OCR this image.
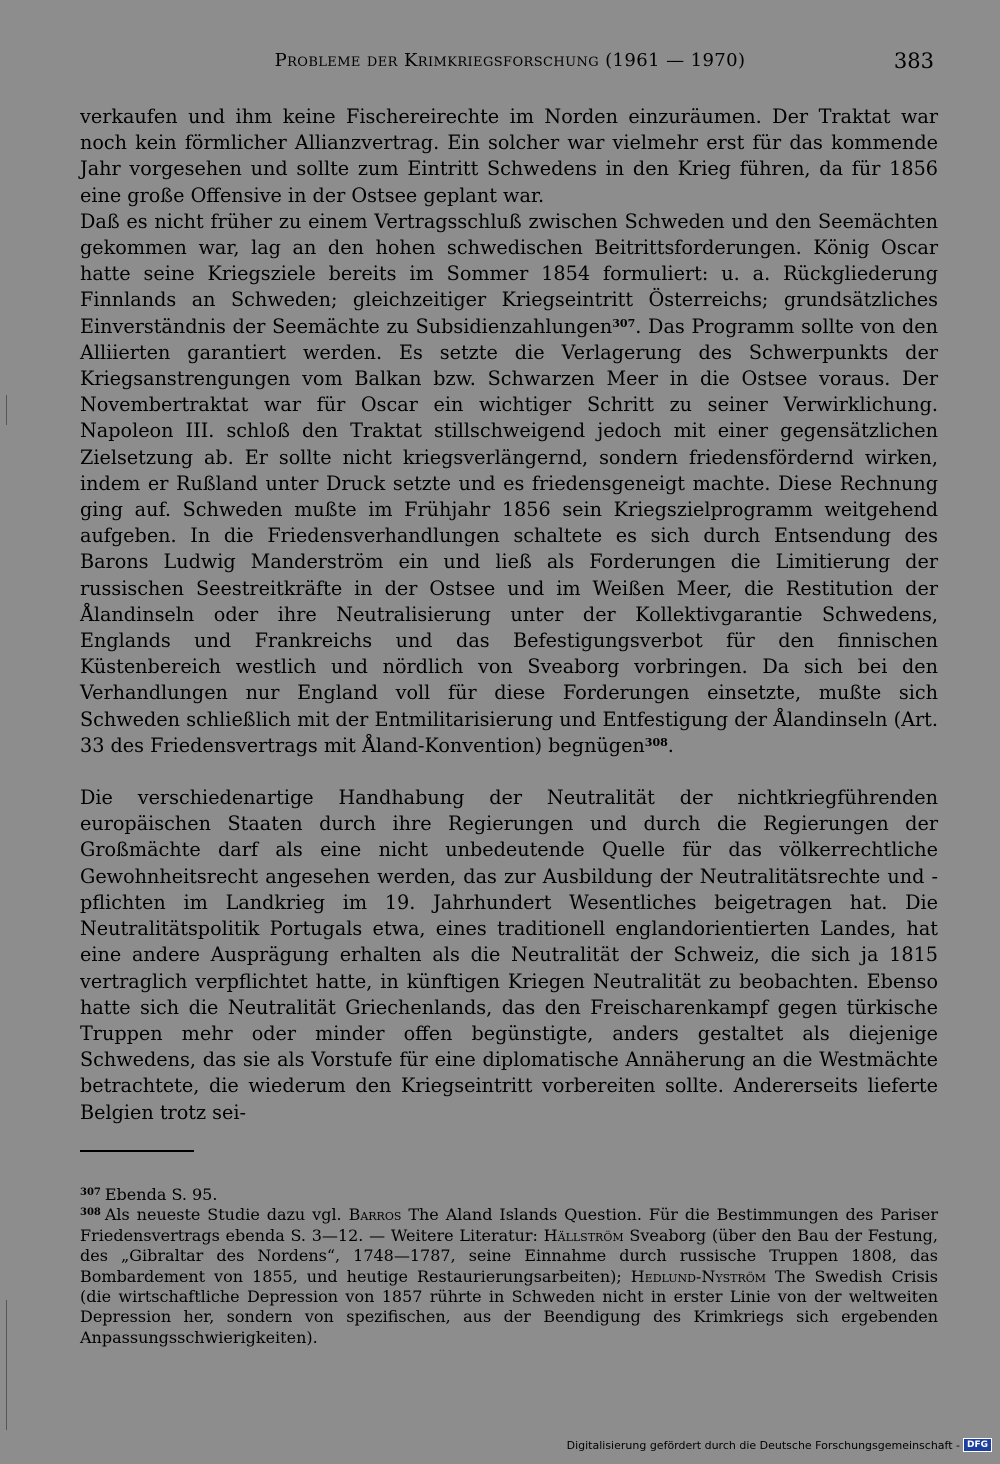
Probleme der Krimkriegsforschung (1961 — 1970)	383

verkaufen und ihm keine Fischereirechte im Norden einzuräumen. Der Traktat war noch kein förmlicher Allianzvertrag. Ein solcher war vielmehr erst für das kommende Jahr vorgesehen und sollte zum Eintritt Schwedens in den Krieg führen, da für 1856 eine große Offensive in der Ostsee geplant war.

Daß es nicht früher zu einem Vertragsschluß zwischen Schweden und den Seemächten gekommen war, lag an den hohen schwedischen Beitrittsforderungen. König Oscar hatte seine Kriegsziele bereits im Sommer 1854 formuliert: u. a. Rückgliederung Finnlands an Schweden; gleichzeitiger Kriegseintritt Österreichs; grundsätzliches Einverständnis der Seemächte zu Subsidienzahlungen$^{307}$. Das Programm sollte von den Alliierten garantiert werden. Es setzte die Verlagerung des Schwerpunkts der Kriegsanstrengungen vom Balkan bzw. Schwarzen Meer in die Ostsee voraus. Der Novembertraktat war für Oscar ein wichtiger Schritt zu seiner Verwirklichung. Napoleon III. schloß den Traktat stillschweigend jedoch mit einer gegensätzlichen Zielsetzung ab. Er sollte nicht kriegsverlängernd, sondern friedensfördernd wirken, indem er Rußland unter Druck setzte und es friedensgeneigt machte. Diese Rechnung ging auf. Schweden mußte im Frühjahr 1856 sein Kriegszielprogramm weitgehend aufgeben. In die Friedensverhandlungen schaltete es sich durch Entsendung des Barons Ludwig Manderström ein und ließ als Forderungen die Limitierung der russischen Seestreitkräfte in der Ostsee und im Weißen Meer, die Restitution der Ålandinseln oder ihre Neutralisierung unter der Kollektivgarantie Schwedens, Englands und Frankreichs und das Befestigungsverbot für den finnischen Küstenbereich westlich und nördlich von Sveaborg vorbringen. Da sich bei den Verhandlungen nur England voll für diese Forderungen einsetzte, mußte sich Schweden schließlich mit der Entmilitarisierung und Entfestigung der Ålandinseln (Art. 33 des Friedensvertrags mit Åland-Konvention) begnügen$^{308}$.

Die verschiedenartige Handhabung der Neutralität der nichtkriegführenden europäischen Staaten durch ihre Regierungen und durch die Regierungen der Großmächte darf als eine nicht unbedeutende Quelle für das völkerrechtliche Gewohnheitsrecht angesehen werden, das zur Ausbildung der Neutralitätsrechte und -pflichten im Landkrieg im 19. Jahrhundert Wesentliches beigetragen hat. Die Neutralitätspolitik Portugals etwa, eines traditionell englandorientierten Landes, hat eine andere Ausprägung erhalten als die Neutralität der Schweiz, die sich ja 1815 vertraglich verpflichtet hatte, in künftigen Kriegen Neutralität zu beobachten. Ebenso hatte sich die Neutralität Griechenlands, das den Freischarenkampf gegen türkische Truppen mehr oder minder offen begünstigte, anders gestaltet als diejenige Schwedens, das sie als Vorstufe für eine diplomatische Annäherung an die Westmächte betrachtete, die wiederum den Kriegseintritt vorbereiten sollte. Andererseits lieferte Belgien trotz sei-

$^{307}$ Ebenda S. 95.

$^{308}$ Als neueste Studie dazu vgl. Barros The Aland Islands Question. Für die Bestimmungen des Pariser Friedensvertrags ebenda S. 3—12. — Weitere Literatur: Hällström Sveaborg (über den Bau der Festung, des „Gibraltar des Nordens“, 1748—1787, seine Einnahme durch russische Truppen 1808, das Bombardement von 1855, und heutige Restaurierungsarbeiten); Hedlund-Nyström The Swedish Crisis (die wirtschaftliche Depression von 1857 rührte in Schweden nicht in erster Linie von der weltweiten Depression her, sondern von spezifischen, aus der Beendigung des Krimkriegs sich ergebenden Anpassungsschwierigkeiten).

Digitalisierung gefördert durch die Deutsche Forschungsgemeinschaft - DFG
